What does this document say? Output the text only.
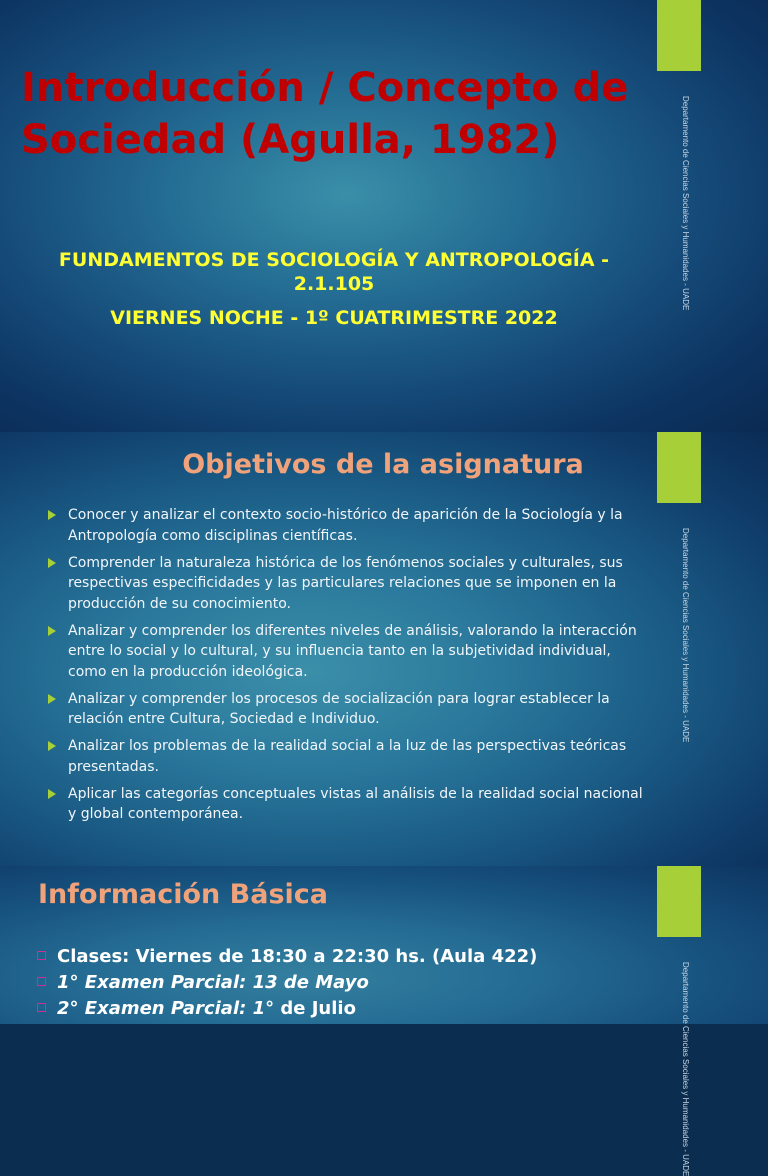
Departamento de Ciencias Sociales y Humanidades - UADE
Introducción / Concepto de Sociedad (Agulla, 1982)

FUNDAMENTOS DE SOCIOLOGÍA Y ANTROPOLOGÍA - 2.1.105

VIERNES NOCHE - 1º CUATRIMESTRE 2022

Departamento de Ciencias Sociales y Humanidades - UADE
Objetivos de la asignatura
Conocer y analizar el contexto socio-histórico de aparición de la Sociología y la Antropología como disciplinas científicas.
Comprender la naturaleza histórica de los fenómenos sociales y culturales, sus respectivas especificidades y las particulares relaciones que se imponen en la producción de su conocimiento.
Analizar y comprender los diferentes niveles de análisis, valorando la interacción entre lo social y lo cultural, y su influencia tanto en la subjetividad individual, como en la producción ideológica.
Analizar y comprender los procesos de socialización para lograr establecer la relación entre Cultura, Sociedad e Individuo.
Analizar los problemas de la realidad social a la luz de las perspectivas teóricas presentadas.
Aplicar las categorías conceptuales vistas al análisis de la realidad social nacional y global contemporánea.
Departamento de Ciencias Sociales y Humanidades - UADE
Información Básica
Clases: Viernes de 18:30 a 22:30 hs. (Aula 422)
1° Examen Parcial: 13 de Mayo
2° Examen Parcial: 1° de Julio
